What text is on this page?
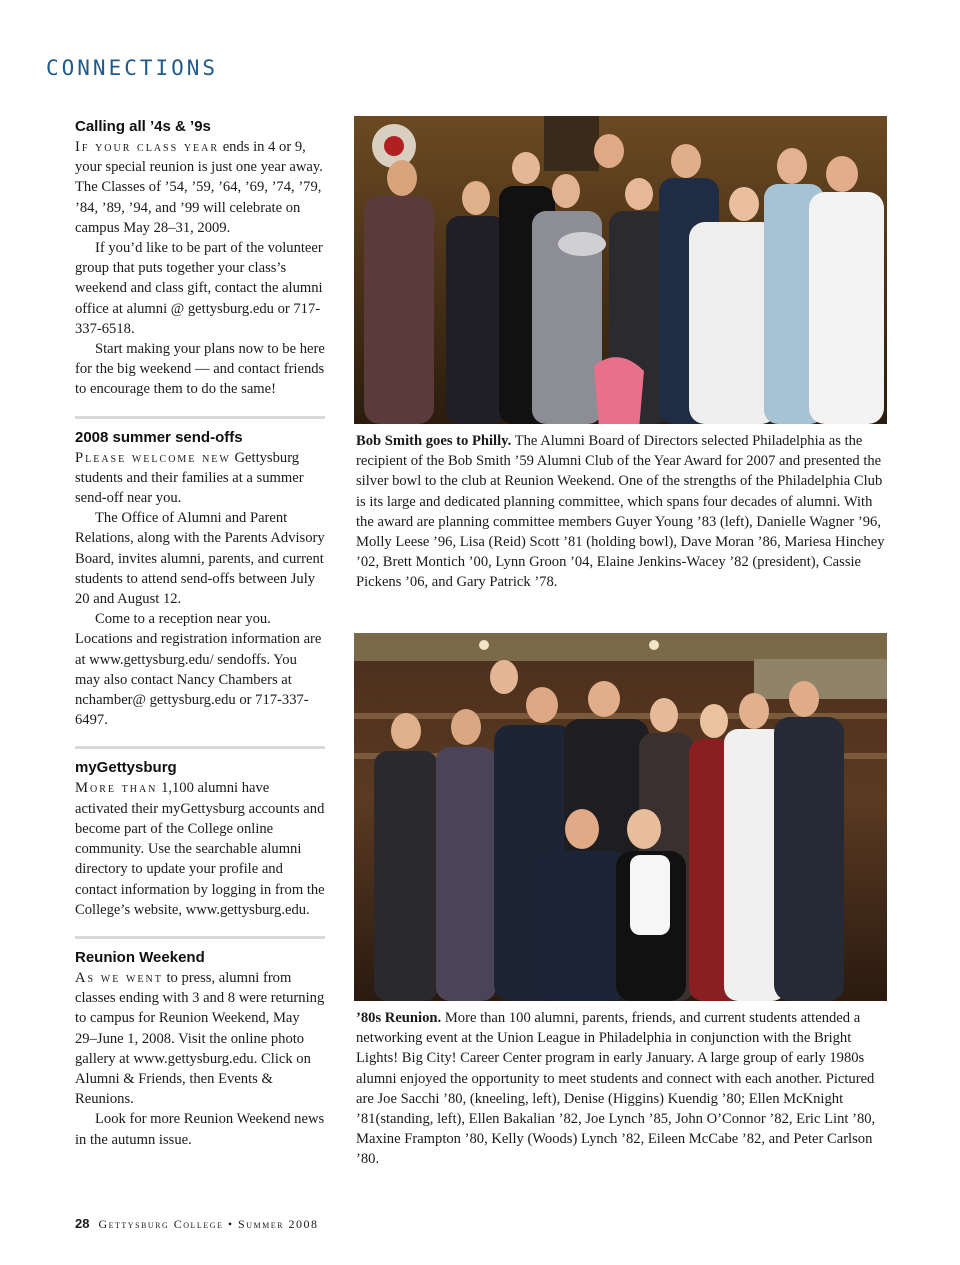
CONNECTIONS
Calling all ’4s & ’9s

If your class year ends in 4 or 9, your special reunion is just one year away. The Classes of ’54, ’59, ’64, ’69, ’74, ’79, ’84, ’89, ’94, and ’99 will celebrate on campus May 28–31, 2009.

If you’d like to be part of the volunteer group that puts together your class’s weekend and class gift, contact the alumni office at alumni @ gettysburg.edu or 717-337-6518.

Start making your plans now to be here for the big weekend — and contact friends to encourage them to do the same!

2008 summer send-offs

Please welcome new Gettysburg students and their families at a summer send-off near you.

The Office of Alumni and Parent Relations, along with the Parents Advisory Board, invites alumni, parents, and current students to attend send-offs between July 20 and August 12.

Come to a reception near you. Locations and registration information are at www.gettysburg.edu/ sendoffs. You may also contact Nancy Chambers at nchamber@ gettysburg.edu or 717-337-6497.

myGettysburg

More than 1,100 alumni have activated their myGettysburg accounts and become part of the College online community. Use the searchable alumni directory to update your profile and contact information by logging in from the College’s website, www.gettysburg.edu.

Reunion Weekend

As we went to press, alumni from classes ending with 3 and 8 were returning to campus for Reunion Weekend, May 29–June 1, 2008. Visit the online photo gallery at www.gettysburg.edu. Click on Alumni & Friends, then Events & Reunions.

Look for more Reunion Weekend news in the autumn issue.

Bob Smith goes to Philly. The Alumni Board of Directors selected Philadelphia as the recipient of the Bob Smith ’59 Alumni Club of the Year Award for 2007 and presented the silver bowl to the club at Reunion Weekend. One of the strengths of the Philadelphia Club is its large and dedicated planning committee, which spans four decades of alumni. With the award are planning committee members Guyer Young ’83 (left), Danielle Wagner ’96, Molly Leese ’96, Lisa (Reid) Scott ’81 (holding bowl), Dave Moran ’86, Mariesa Hinchey ’02, Brett Montich ’00, Lynn Groon ’04, Elaine Jenkins-Wacey ’82 (president), Cassie Pickens ’06, and Gary Patrick ’78.
’80s Reunion. More than 100 alumni, parents, friends, and current students attended a networking event at the Union League in Philadelphia in conjunction with the Bright Lights! Big City! Career Center program in early January. A large group of early 1980s alumni enjoyed the opportunity to meet students and connect with each another. Pictured are Joe Sacchi ’80, (kneeling, left), Denise (Higgins) Kuendig ’80; Ellen McKnight ’81(standing, left), Ellen Bakalian ’82, Joe Lynch ’85, John O’Connor ’82, Eric Lint ’80, Maxine Frampton ’80, Kelly (Woods) Lynch ’82, Eileen McCabe ’82, and Peter Carlson ’80.
28 Gettysburg College • Summer 2008
